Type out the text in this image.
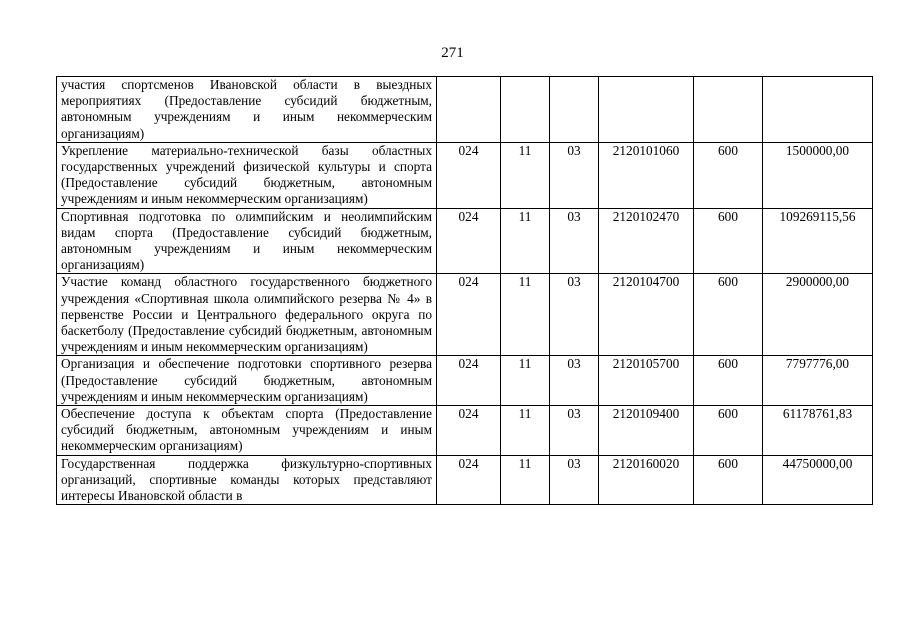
271
участия спортсменов Ивановской области в выездных мероприятиях (Предоставление субсидий бюджетным, автономным учреждениям и иным некоммерческим организациям)						
Укрепление материально-технической базы областных государственных учреждений физической культуры и спорта (Предоставление субсидий бюджетным, автономным учреждениям и иным некоммерческим организациям)	024	11	03	2120101060	600	1500000,00
Спортивная подготовка по олимпийским и неолимпийским видам спорта (Предоставление субсидий бюджетным, автономным учреждениям и иным некоммерческим организациям)	024	11	03	2120102470	600	109269115,56
Участие команд областного государственного бюджетного учреждения «Спортивная школа олимпийского резерва № 4» в первенстве России и Центрального федерального округа по баскетболу (Предоставление субсидий бюджетным, автономным учреждениям и иным некоммерческим организациям)	024	11	03	2120104700	600	2900000,00
Организация и обеспечение подготовки спортивного резерва (Предоставление субсидий бюджетным, автономным учреждениям и иным некоммерческим организациям)	024	11	03	2120105700	600	7797776,00
Обеспечение доступа к объектам спорта (Предоставление субсидий бюджетным, автономным учреждениям и иным некоммерческим организациям)	024	11	03	2120109400	600	61178761,83
Государственная поддержка физкультурно-спортивных организаций, спортивные команды которых представляют интересы Ивановской области в	024	11	03	2120160020	600	44750000,00
